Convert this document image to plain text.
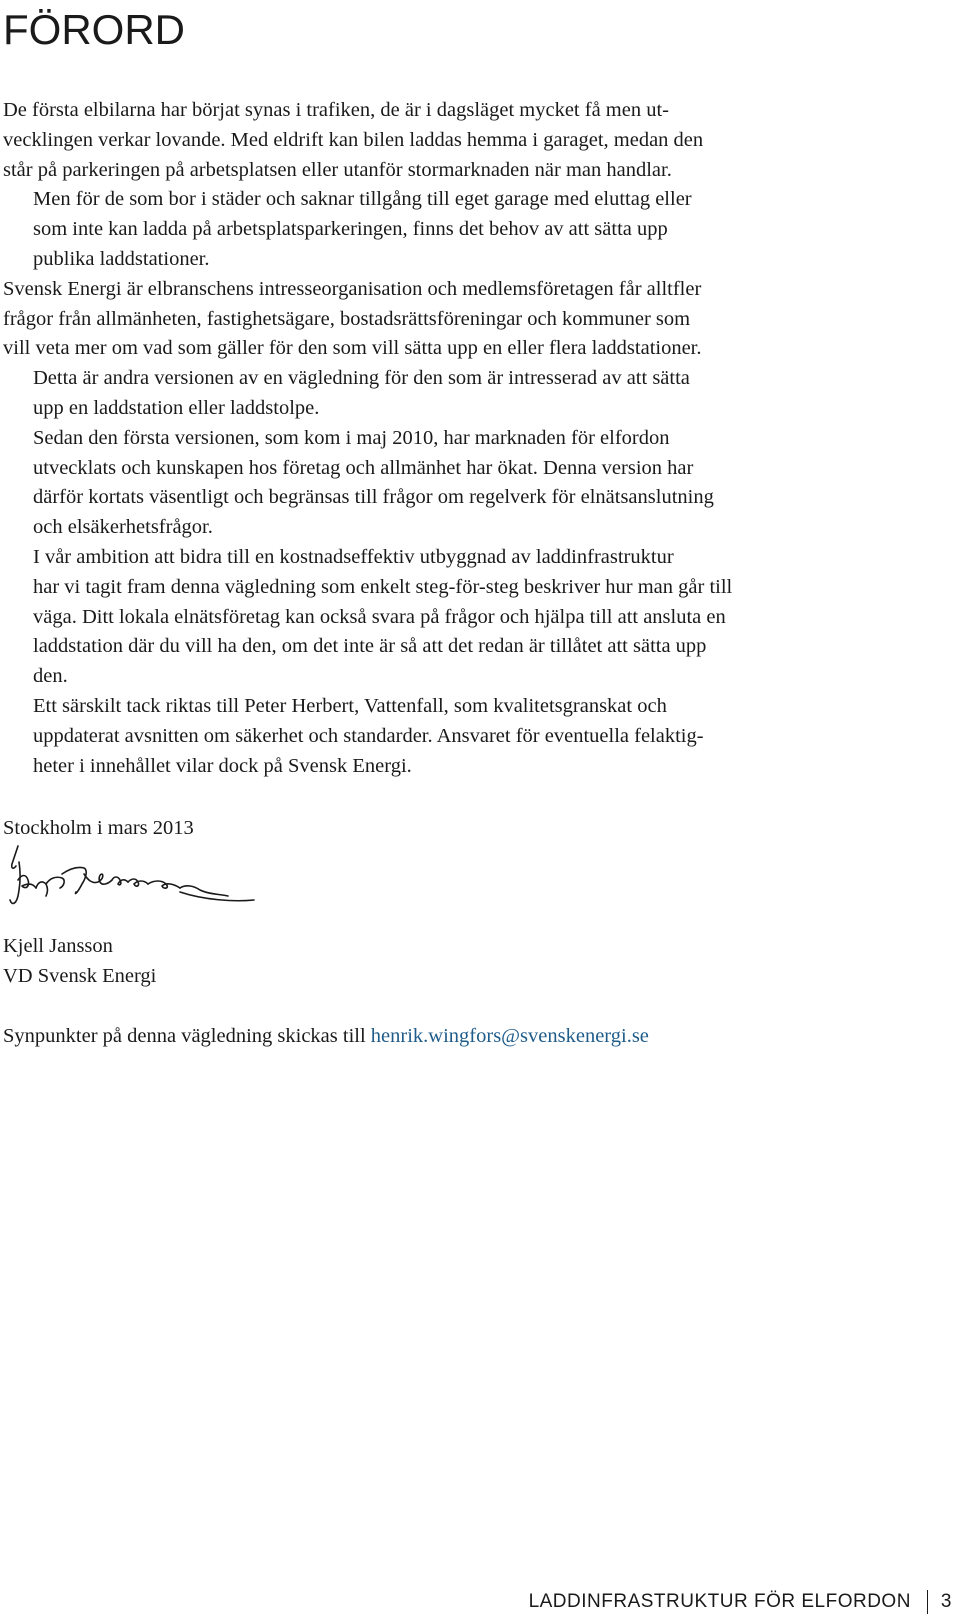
FÖRORD

De första elbilarna har börjat synas i trafiken, de är i dagsläget mycket få men ut-
vecklingen verkar lovande. Med eldrift kan bilen laddas hemma i garaget, medan den
står på parkeringen på arbetsplatsen eller utanför stormarknaden när man handlar.

Men för de som bor i städer och saknar tillgång till eget garage med eluttag eller
som inte kan ladda på arbetsplatsparkeringen, finns det behov av att sätta upp
publika laddstationer.

Svensk Energi är elbranschens intresseorganisation och medlemsföretagen får alltfler
frågor från allmänheten, fastighetsägare, bostadsrättsföreningar och kommuner som
vill veta mer om vad som gäller för den som vill sätta upp en eller flera laddstationer.

Detta är andra versionen av en vägledning för den som är intresserad av att sätta
upp en laddstation eller laddstolpe.

Sedan den första versionen, som kom i maj 2010, har marknaden för elfordon
utvecklats och kunskapen hos företag och allmänhet har ökat. Denna version har
därför kortats väsentligt och begränsas till frågor om regelverk för elnätsanslutning
och elsäkerhetsfrågor.

I vår ambition att bidra till en kostnadseffektiv utbyggnad av laddinfrastruktur
har vi tagit fram denna vägledning som enkelt steg-för-steg beskriver hur man går till
väga. Ditt lokala elnätsföretag kan också svara på frågor och hjälpa till att ansluta en
laddstation där du vill ha den, om det inte är så att det redan är tillåtet att sätta upp
den.

Ett särskilt tack riktas till Peter Herbert, Vattenfall, som kvalitetsgranskat och
uppdaterat avsnitten om säkerhet och standarder. Ansvaret för eventuella felaktig-
heter i innehållet vilar dock på Svensk Energi.

Stockholm i mars 2013
Kjell Jansson
VD Svensk Energi
Synpunkter på denna vägledning skickas till henrik.wingfors@svenskenergi.se
LADDINFRASTRUKTUR FÖR ELFORDON 3
